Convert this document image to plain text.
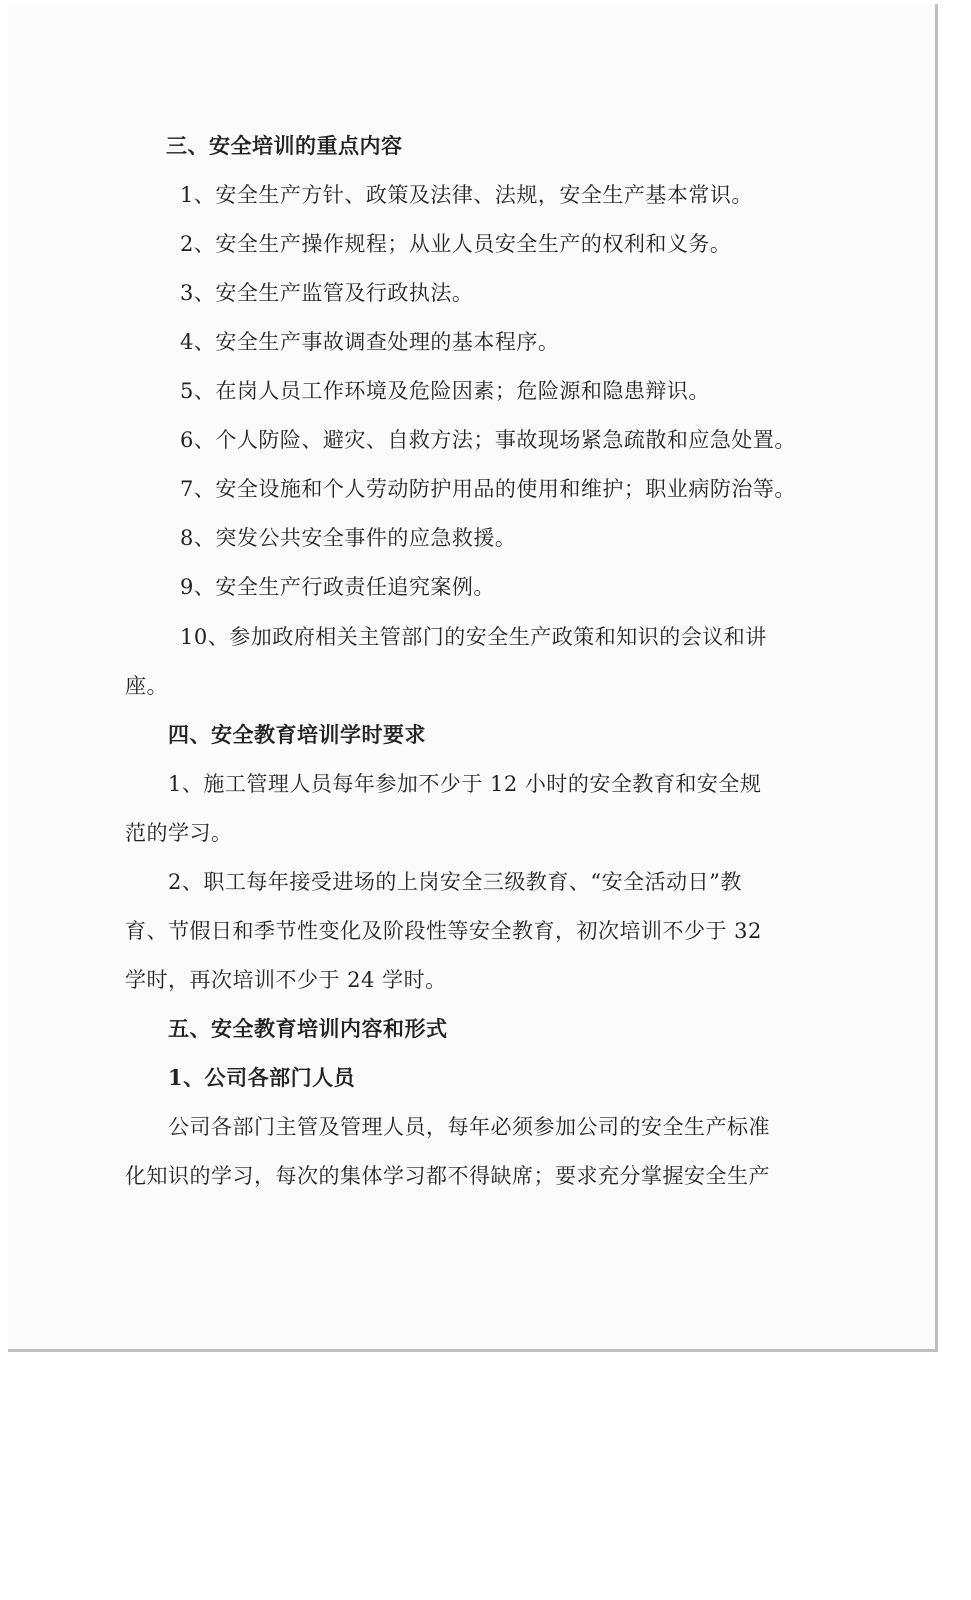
三、安全培训的重点内容
1、安全生产方针、政策及法律、法规，安全生产基本常识。
2、安全生产操作规程；从业人员安全生产的权利和义务。
3、安全生产监管及行政执法。
4、安全生产事故调查处理的基本程序。
5、在岗人员工作环境及危险因素；危险源和隐患辩识。
6、个人防险、避灾、自救方法；事故现场紧急疏散和应急处置。
7、安全设施和个人劳动防护用品的使用和维护；职业病防治等。
8、突发公共安全事件的应急救援。
9、安全生产行政责任追究案例。
10、参加政府相关主管部门的安全生产政策和知识的会议和讲
座。
四、安全教育培训学时要求
1、施工管理人员每年参加不少于 12 小时的安全教育和安全规
范的学习。
2、职工每年接受进场的上岗安全三级教育、“安全活动日”教
育、节假日和季节性变化及阶段性等安全教育，初次培训不少于 32
学时，再次培训不少于 24 学时。
五、安全教育培训内容和形式
1、公司各部门人员
公司各部门主管及管理人员，每年必须参加公司的安全生产标准
化知识的学习，每次的集体学习都不得缺席；要求充分掌握安全生产
